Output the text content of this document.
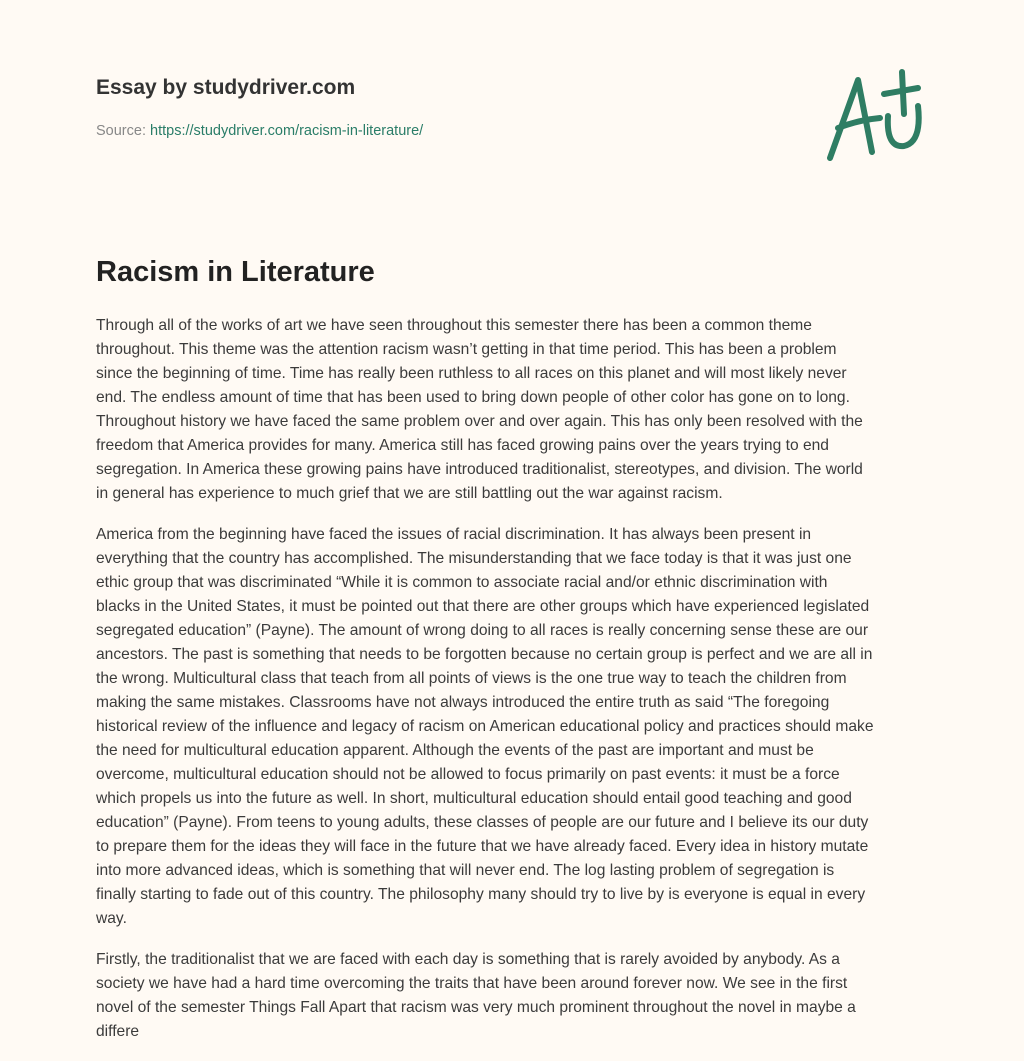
Essay by studydriver.com
Source: https://studydriver.com/racism-in-literature/
Racism in Literature

Through all of the works of art we have seen throughout this semester there has been a common theme
throughout. This theme was the attention racism wasn’t getting in that time period. This has been a problem
since the beginning of time. Time has really been ruthless to all races on this planet and will most likely never
end. The endless amount of time that has been used to bring down people of other color has gone on to long.
Throughout history we have faced the same problem over and over again. This has only been resolved with the
freedom that America provides for many. America still has faced growing pains over the years trying to end
segregation. In America these growing pains have introduced traditionalist, stereotypes, and division. The world
in general has experience to much grief that we are still battling out the war against racism.

America from the beginning have faced the issues of racial discrimination. It has always been present in
everything that the country has accomplished. The misunderstanding that we face today is that it was just one
ethic group that was discriminated “While it is common to associate racial and/or ethnic discrimination with
blacks in the United States, it must be pointed out that there are other groups which have experienced legislated
segregated education” (Payne). The amount of wrong doing to all races is really concerning sense these are our
ancestors. The past is something that needs to be forgotten because no certain group is perfect and we are all in
the wrong. Multicultural class that teach from all points of views is the one true way to teach the children from
making the same mistakes. Classrooms have not always introduced the entire truth as said “The foregoing
historical review of the influence and legacy of racism on American educational policy and practices should make
the need for multicultural education apparent. Although the events of the past are important and must be
overcome, multicultural education should not be allowed to focus primarily on past events: it must be a force
which propels us into the future as well. In short, multicultural education should entail good teaching and good
education” (Payne). From teens to young adults, these classes of people are our future and I believe its our duty
to prepare them for the ideas they will face in the future that we have already faced. Every idea in history mutate
into more advanced ideas, which is something that will never end. The log lasting problem of segregation is
finally starting to fade out of this country. The philosophy many should try to live by is everyone is equal in every
way.

Firstly, the traditionalist that we are faced with each day is something that is rarely avoided by anybody. As a
society we have had a hard time overcoming the traits that have been around forever now. We see in the first
novel of the semester Things Fall Apart that racism was very much prominent throughout the novel in maybe a
differe
